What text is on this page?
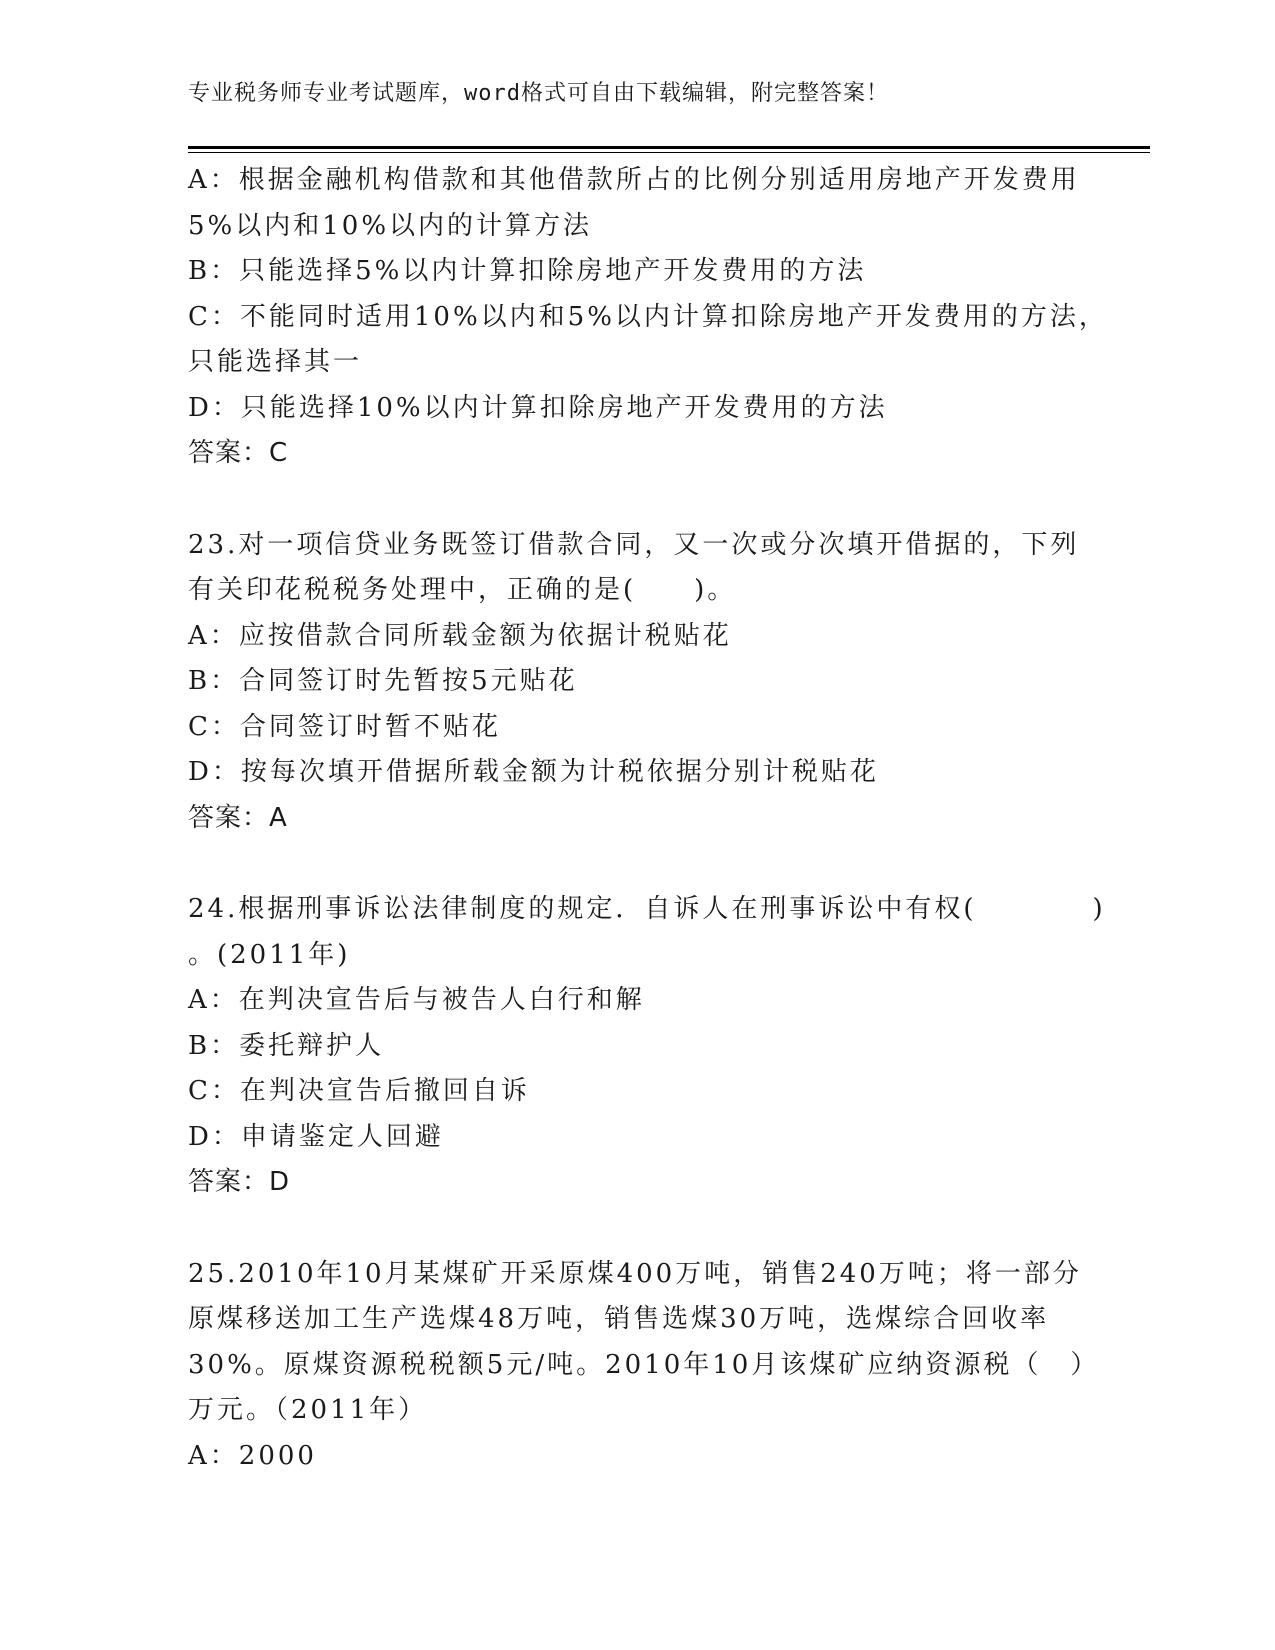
专业税务师专业考试题库，word格式可自由下载编辑，附完整答案！
A：根据金融机构借款和其他借款所占的比例分别适用房地产开发费用
5%以内和10%以内的计算方法
B：只能选择5%以内计算扣除房地产开发费用的方法
C：不能同时适用10%以内和5%以内计算扣除房地产开发费用的方法，
只能选择其一
D：只能选择10%以内计算扣除房地产开发费用的方法
答案：C
23.对一项信贷业务既签订借款合同，又一次或分次填开借据的，下列
有关印花税税务处理中，正确的是(　　)。
A：应按借款合同所载金额为依据计税贴花
B：合同签订时先暂按5元贴花
C：合同签订时暂不贴花
D：按每次填开借据所载金额为计税依据分别计税贴花
答案：A
24.根据刑事诉讼法律制度的规定．自诉人在刑事诉讼中有权(　　　　)
。(2011年)
A：在判决宣告后与被告人白行和解
B：委托辩护人
C：在判决宣告后撤回自诉
D：申请鉴定人回避
答案：D
25.2010年10月某煤矿开采原煤400万吨，销售240万吨；将一部分
原煤移送加工生产选煤48万吨，销售选煤30万吨，选煤综合回收率
30%。原煤资源税税额5元/吨。2010年10月该煤矿应纳资源税（　）
万元。（2011年）
A：2000
